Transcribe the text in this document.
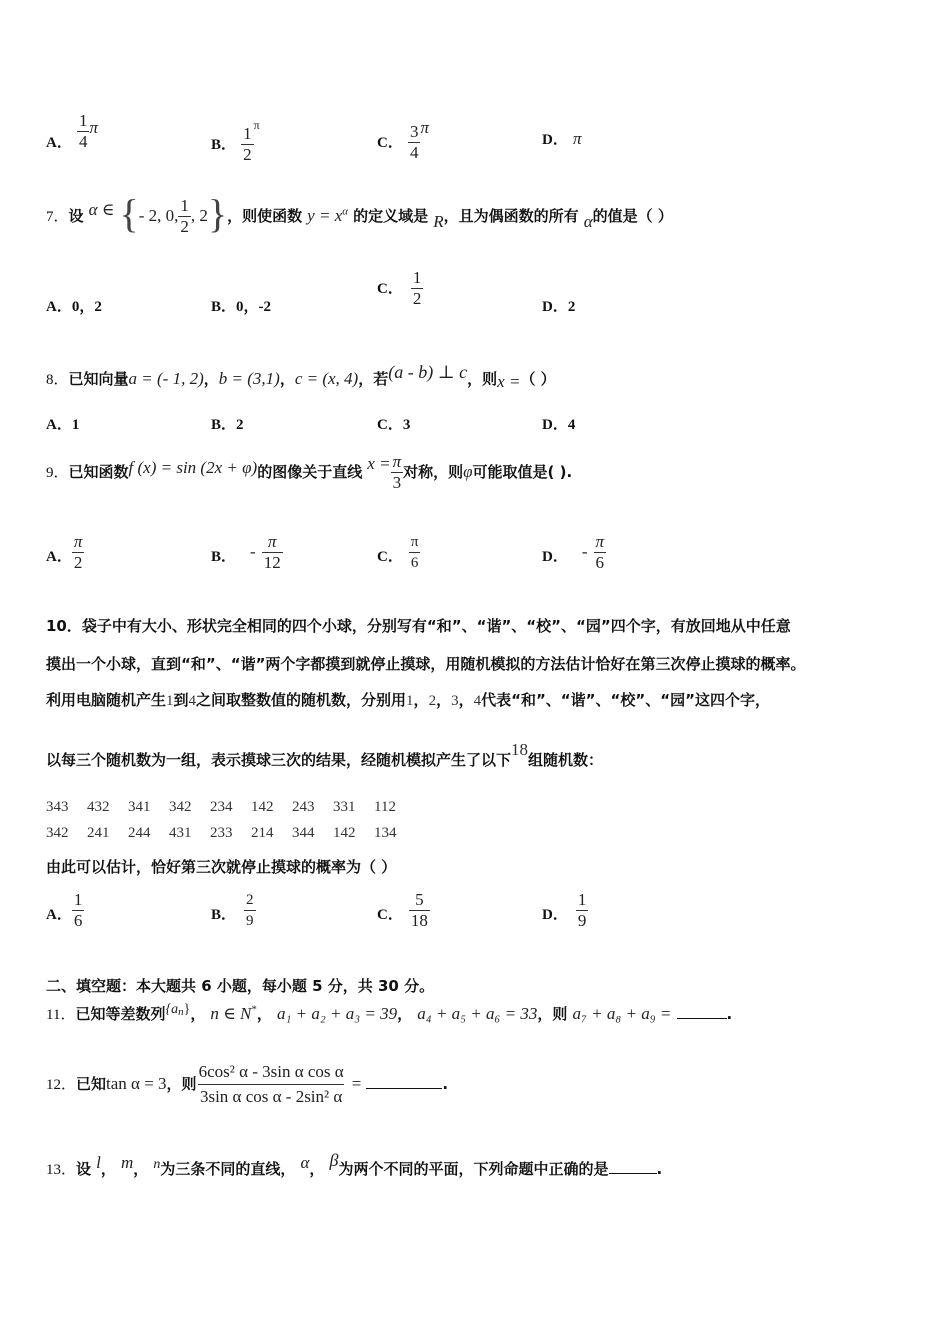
A． $\frac{1}{4}$ π
B． $\frac{1}{2} ^\pi$
C． $\frac{3}{4}$ π
D． π
7．设 α ∈ {- 2, 0, $\frac{1}{2}$ , 2}，则使函数 $y = x^\alpha$ 的定义域是 R，且为偶函数的所有 α的值是（ ）
A．0，2	B．0，-2
C． $\frac{1}{2}$	D．2
8．已知向量a = (- 1, 2)，b = (3,1)，c = (x, 4)，若(a - b) ⊥ c，则x =（ ）
A．1	B．2	C．3	D．4
9．已知函数f (x) = sin (2x + φ)的图像关于直线 $x = \frac{\pi}{3}$ 对称，则φ可能取值是( ).
A． $\frac{\pi}{2}$	B． - $\frac{\pi}{12}$	C． $\frac{\pi}{6}$	D． - $\frac{\pi}{6}$
10．袋子中有大小、形状完全相同的四个小球，分别写有“和”、“谐”、“校”、“园”四个字，有放回地从中任意
摸出一个小球，直到“和”、“谐”两个字都摸到就停止摸球，用随机模拟的方法估计恰好在第三次停止摸球的概率。
利用电脑随机产生1到4之间取整数值的随机数，分别用1，2，3，4代表“和”、“谐”、“校”、“园”这四个字，
以每三个随机数为一组，表示摸球三次的结果，经随机模拟产生了以下18组随机数：
343 432 341 342 234 142 243 331 112
342 241 244 431 233 214 344 142 134
由此可以估计，恰好第三次就停止摸球的概率为（ ）
A． $\frac{1}{6}$	B． $\frac{2}{9}$	C． $\frac{5}{18}$	D． $\frac{1}{9}$
二、填空题：本大题共 6 小题，每小题 5 分，共 30 分。
11．已知等差数列$\{a^n\}$， n ∈ N*， a₁ + a₂ + a₃ = 39， a₄ + a₅ + a₆ = 33，则 a₇ + a₈ + a₉ =	.
12．已知tan α = 3，则 $\frac{\text{6cos² α - 3sin α cos α}}{\text{3sin α cos α - 2sin² α}}$ =	.
13．设 l， m， n为三条不同的直线， α， β为两个不同的平面，下列命题中正确的是	.
